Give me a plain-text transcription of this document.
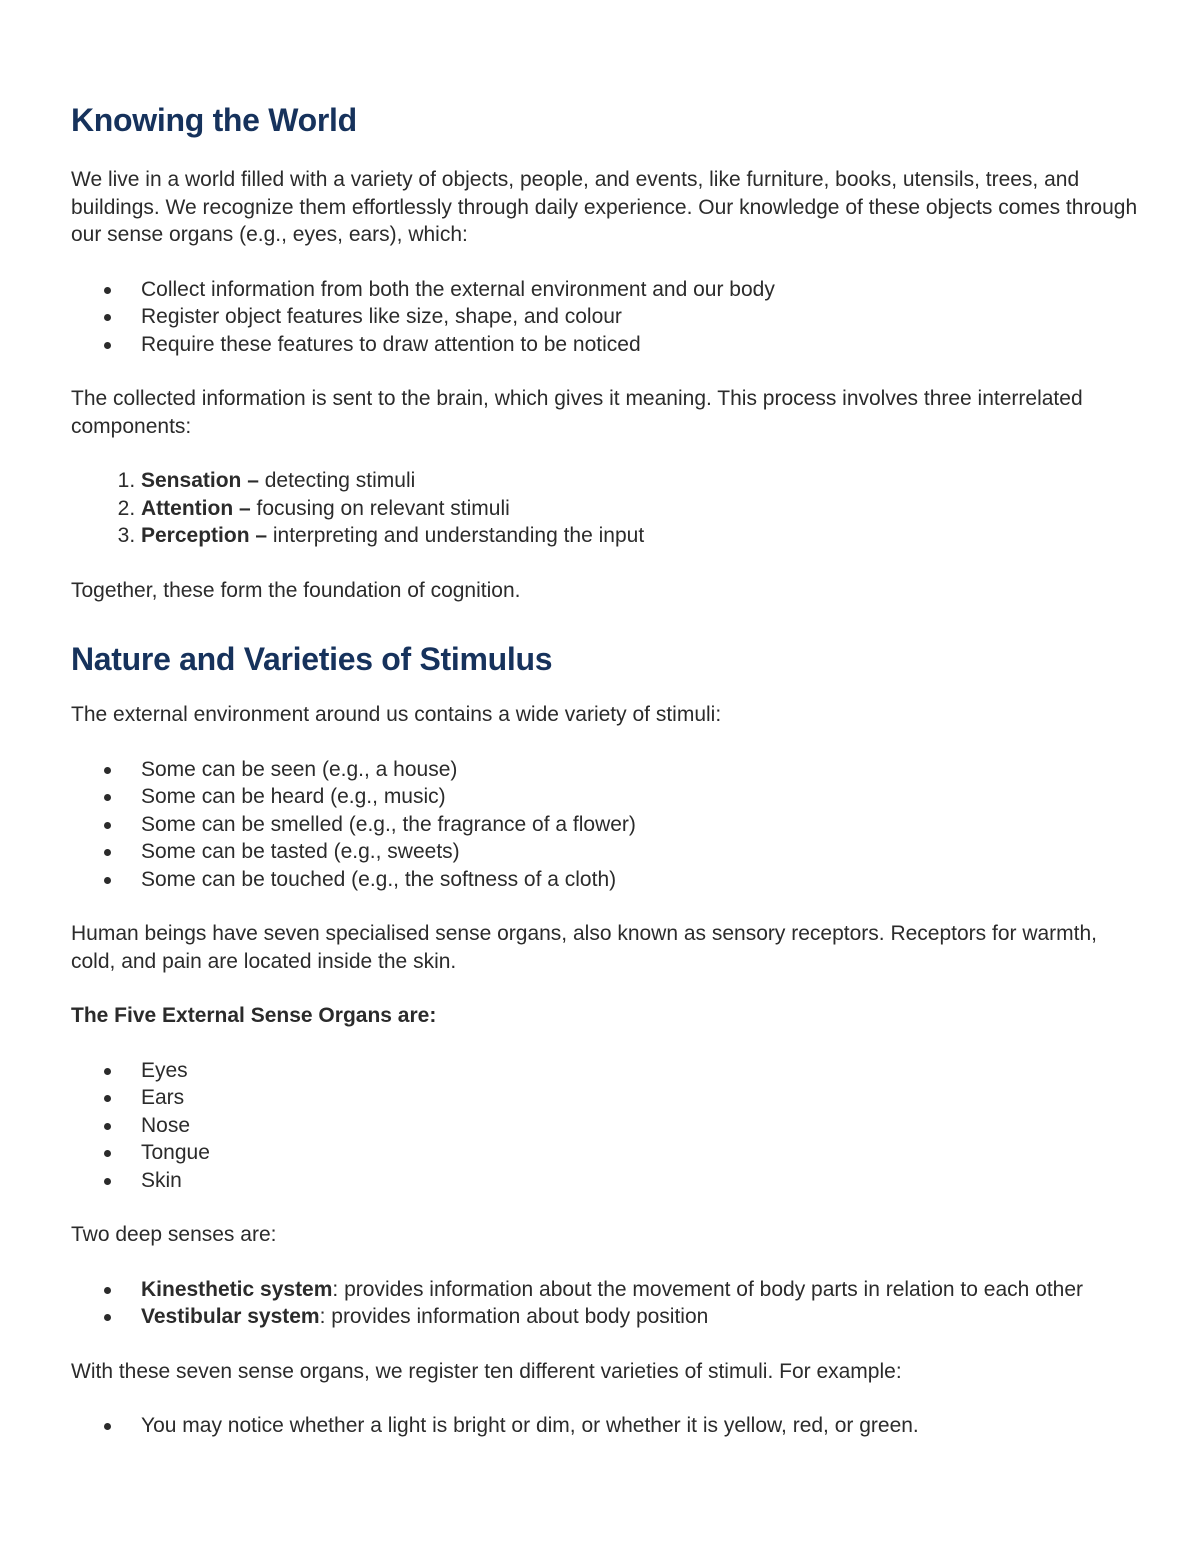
Knowing the World

We live in a world filled with a variety of objects, people, and events, like furniture, books, utensils, trees, and buildings. We recognize them effortlessly through daily experience. Our knowledge of these objects comes through our sense organs (e.g., eyes, ears), which:

Collect information from both the external environment and our body
Register object features like size, shape, and colour
Require these features to draw attention to be noticed

The collected information is sent to the brain, which gives it meaning. This process involves three interrelated components:

1. Sensation – detecting stimuli
2. Attention – focusing on relevant stimuli
3. Perception – interpreting and understanding the input

Together, these form the foundation of cognition.

Nature and Varieties of Stimulus

The external environment around us contains a wide variety of stimuli:

Some can be seen (e.g., a house)
Some can be heard (e.g., music)
Some can be smelled (e.g., the fragrance of a flower)
Some can be tasted (e.g., sweets)
Some can be touched (e.g., the softness of a cloth)

Human beings have seven specialised sense organs, also known as sensory receptors. Receptors for warmth, cold, and pain are located inside the skin.

The Five External Sense Organs are:

Eyes
Ears
Nose
Tongue
Skin

Two deep senses are:

Kinesthetic system: provides information about the movement of body parts in relation to each other
Vestibular system: provides information about body position

With these seven sense organs, we register ten different varieties of stimuli. For example:

You may notice whether a light is bright or dim, or whether it is yellow, red, or green.
